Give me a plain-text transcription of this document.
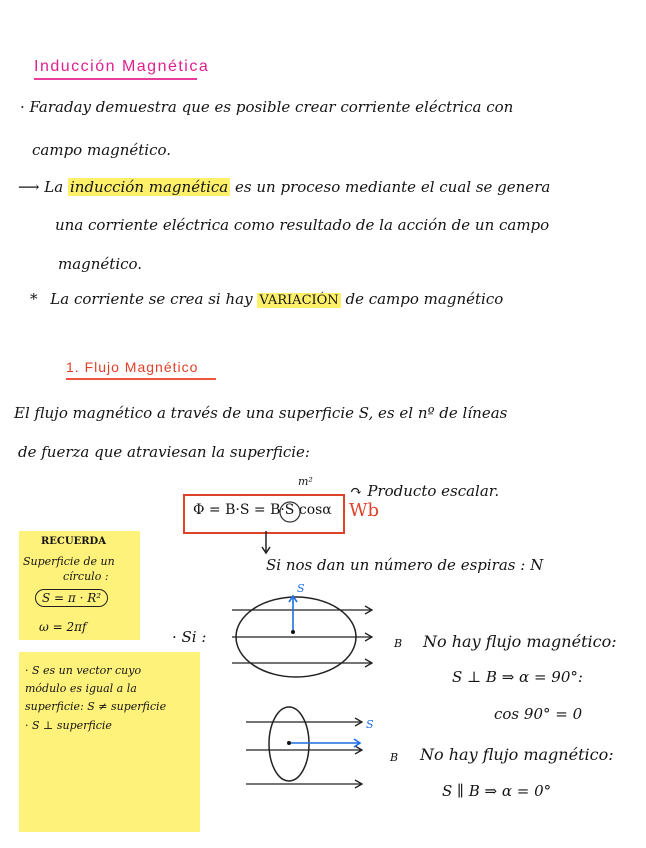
Inducción Magnética
· Faraday demuestra que es posible crear corriente eléctrica con
campo magnético.
⟶ La inducción magnética es un proceso mediante el cual se genera
una corriente eléctrica como resultado de la acción de un campo
magnético.
* La corriente se crea si hay VARIACIÓN de campo magnético
1. Flujo Magnético
El flujo magnético a través de una superficie S, es el nº de líneas
de fuerza que atraviesan la superficie:
m²
↷ Producto escalar.
Φ = B·S = B·S cosα Wb
Si nos dan un número de espiras : N
RECUERDA
Superficie de un
círculo :
S = π · R²
ω = 2πf
· S es un vector cuyo
módulo es igual a la
superficie: S ≠ superficie
· S ⊥ superficie
· Si :
S
B No hay flujo magnético:
S ⊥ B ⇒ α = 90°:
cos 90° = 0
S
B No hay flujo magnético:
S ∥ B ⇒ α = 0°
